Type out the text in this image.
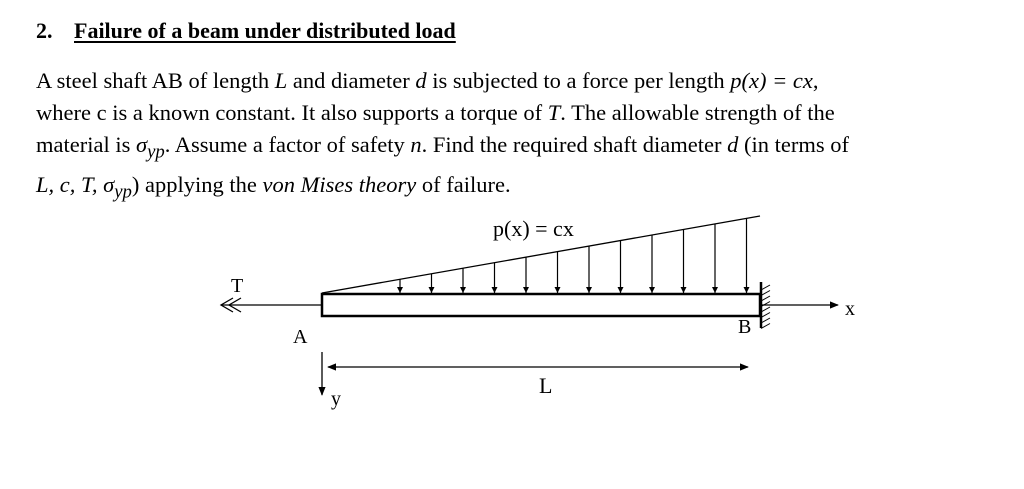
2. Failure of a beam under distributed load
A steel shaft AB of length L and diameter d is subjected to a force per length p(x) = cx,
where c is a known constant. It also supports a torque of T. The allowable strength of the
material is $\sigma_{yp}$. Assume a factor of safety n. Find the required shaft diameter d (in terms of
L, c, T, $\sigma_{yp}$) applying the von Mises theory of failure.
p(x) = cx
T
A	B
x
y
L
